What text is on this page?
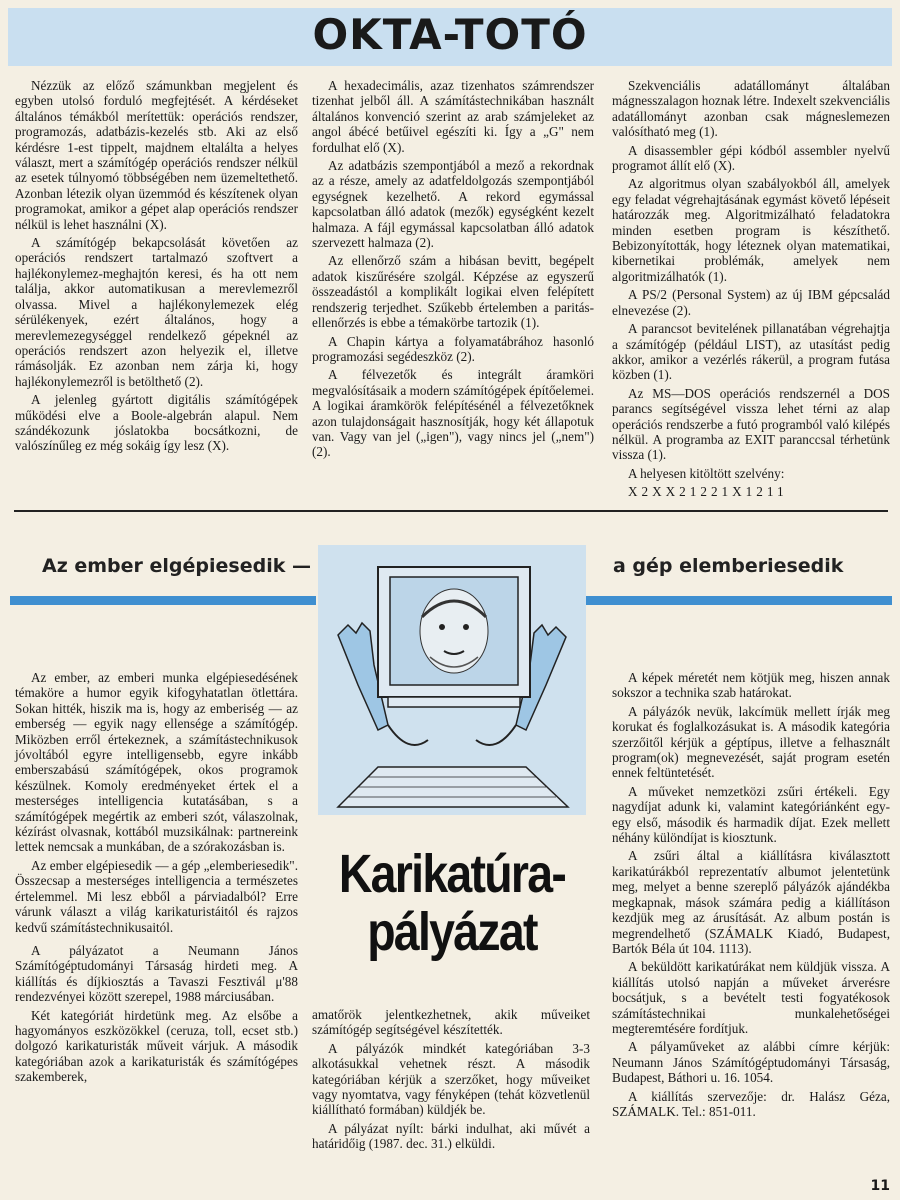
OKTA-TOTÓ

Nézzük az előző számunkban megjelent és egyben utolsó forduló megfejtését. A kérdéseket általános témákból merítettük: operációs rendszer, programozás, adatbázis-kezelés stb. Aki az első kérdésre 1-est tippelt, majdnem eltalálta a helyes választ, mert a számítógép operációs rendszer nélkül az esetek túlnyomó többségében nem üzemeltethető. Azonban létezik olyan üzemmód és készítenek olyan programokat, amikor a gépet alap operációs rendszer nélkül is lehet használni (X).

A számítógép bekapcsolását követően az operációs rendszert tartalmazó szoftvert a hajlékonylemez-meghajtón keresi, és ha ott nem találja, akkor automatikusan a merevlemezről olvassa. Mivel a hajlékonylemezek elég sérülékenyek, ezért általános, hogy a merevlemezegységgel rendelkező gépeknél az operációs rendszert azon helyezik el, illetve rámásolják. Ez azonban nem zárja ki, hogy hajlékonylemezről is betölthető (2).

A jelenleg gyártott digitális számítógépek működési elve a Boole-algebrán alapul. Nem szándékozunk jóslatokba bocsátkozni, de valószínűleg ez még sokáig így lesz (X).

A hexadecimális, azaz tizenhatos számrendszer tizenhat jelből áll. A számítástechnikában használt általános konvenció szerint az arab számjeleket az angol ábécé betűivel egészíti ki. Így a „G" nem fordulhat elő (X).

Az adatbázis szempontjából a mező a rekordnak az a része, amely az adatfeldolgozás szempontjából egységnek kezelhető. A rekord egymással kapcsolatban álló adatok (mezők) egységként kezelt halmaza. A fájl egymással kapcsolatban álló adatok szervezett halmaza (2).

Az ellenőrző szám a hibásan bevitt, begépelt adatok kiszűrésére szolgál. Képzése az egyszerű összeadástól a komplikált logikai elven felépített rendszerig terjedhet. Szűkebb értelemben a paritás-ellenőrzés is ebbe a témakörbe tartozik (1).

A Chapin kártya a folyamatábrához hasonló programozási segédeszköz (2).

A félvezetők és integrált áramköri megvalósításaik a modern számítógépek építőelemei. A logikai áramkörök felépítésénél a félvezetőknek azon tulajdonságait hasznosítják, hogy két állapotuk van. Vagy van jel („igen"), vagy nincs jel („nem") (2).

Szekvenciális adatállományt általában mágnesszalagon hoznak létre. Indexelt szekvenciális adatállományt azonban csak mágneslemezen valósítható meg (1).

A disassembler gépi kódból assembler nyelvű programot állít elő (X).

Az algoritmus olyan szabályokból áll, amelyek egy feladat végrehajtásának egymást követő lépéseit határozzák meg. Algoritmizálható feladatokra minden esetben program is készíthető. Bebizonyították, hogy léteznek olyan matematikai, kibernetikai problémák, amelyek nem algoritmizálhatók (1).

A PS/2 (Personal System) az új IBM gépcsalád elnevezése (2).

A parancsot bevitelének pillanatában végrehajtja a számítógép (például LIST), az utasítást pedig akkor, amikor a vezérlés rákerül, a program futása közben (1).

Az MS—DOS operációs rendszernél a DOS parancs segítségével vissza lehet térni az alap operációs rendszerbe a futó programból való kilépés nélkül. A programba az EXIT paranccsal térhetünk vissza (1).

A helyesen kitöltött szelvény:

X2XX21221X1211

Az ember elgépiesedik —	a gép elemberiesedik
Karikatúra-
pályázat

Az ember, az emberi munka elgépiesedésének témaköre a humor egyik kifogyhatatlan ötlettára. Sokan hitték, hiszik ma is, hogy az emberiség — az emberség — egyik nagy ellensége a számítógép. Miközben erről értekeznek, a számítástechnikusok jóvoltából egyre intelligensebb, egyre inkább emberszabású számítógépek, okos programok készülnek. Komoly eredményeket értek el a mesterséges intelligencia kutatásában, s a számítógépek megértik az emberi szót, válaszolnak, kézírást olvasnak, kottából muzsikálnak: partnereink lettek nemcsak a munkában, de a szórakozásban is.

Az ember elgépiesedik — a gép „elemberiesedik". Összecsap a mesterséges intelligencia a természetes értelemmel. Mi lesz ebből a párviadalból? Erre várunk választ a világ karikaturistáitól és rajzos kedvű számítástechnikusaitól.

A pályázatot a Neumann János Számítógéptudományi Társaság hirdeti meg. A kiállítás és díjkiosztás a Tavaszi Fesztivál μ'88 rendezvényei között szerepel, 1988 márciusában.

Két kategóriát hirdetünk meg. Az elsőbe a hagyományos eszközökkel (ceruza, toll, ecset stb.) dolgozó karikaturisták műveit várjuk. A második kategóriában azok a karikaturisták és számítógépes szakemberek,

amatőrök jelentkezhetnek, akik műveiket számítógép segítségével készítették.

A pályázók mindkét kategóriában 3-3 alkotásukkal vehetnek részt. A második kategóriában kérjük a szerzőket, hogy műveiket vagy nyomtatva, vagy fényképen (tehát közvetlenül kiállítható formában) küldjék be.

A pályázat nyílt: bárki indulhat, aki művét a határidőig (1987. dec. 31.) elküldi.

A képek méretét nem kötjük meg, hiszen annak sokszor a technika szab határokat.

A pályázók nevük, lakcímük mellett írják meg korukat és foglalkozásukat is. A második kategória szerzőitől kérjük a géptípus, illetve a felhasznált program(ok) megnevezését, saját program esetén ennek feltüntetését.

A műveket nemzetközi zsűri értékeli. Egy nagydíjat adunk ki, valamint kategóriánként egy-egy első, második és harmadik díjat. Ezek mellett néhány különdíjat is kiosztunk.

A zsűri által a kiállításra kiválasztott karikatúrákból reprezentatív albumot jelentetünk meg, melyet a benne szereplő pályázók ajándékba megkapnak, mások számára pedig a kiállításon kezdjük meg az árusítását. Az album postán is megrendelhető (SZÁMALK Kiadó, Budapest, Bartók Béla út 104. 1113).

A beküldött karikatúrákat nem küldjük vissza. A kiállítás utolsó napján a műveket árverésre bocsátjuk, s a bevételt testi fogyatékosok számítástechnikai munkalehetőségei megteremtésére fordítjuk.

A pályaműveket az alábbi címre kérjük: Neumann János Számítógéptudományi Társaság, Budapest, Báthori u. 16. 1054.

A kiállítás szervezője: dr. Halász Géza, SZÁMALK. Tel.: 851-011.

11
